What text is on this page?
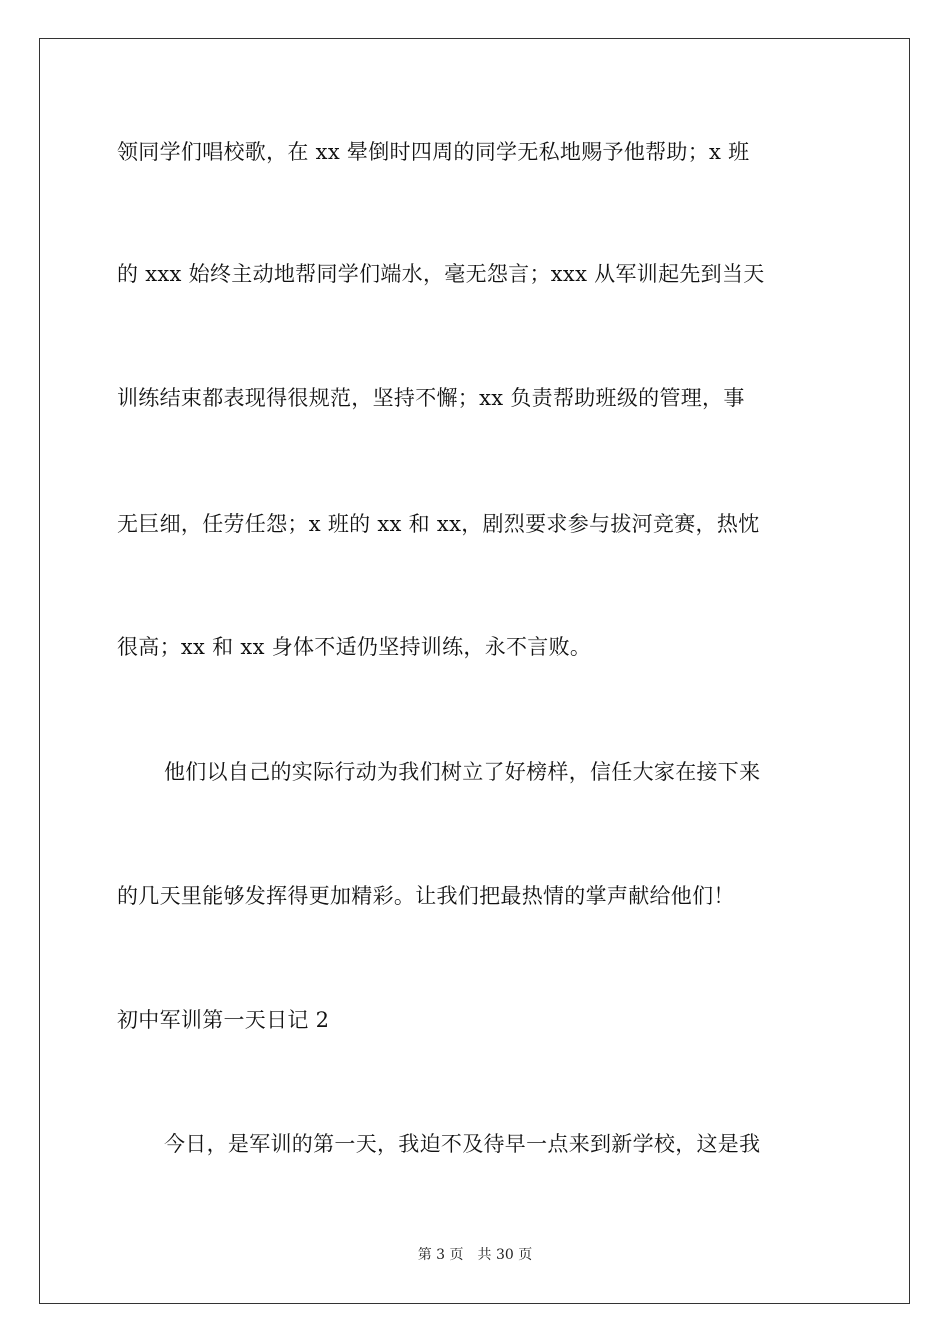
领同学们唱校歌，在 xx 晕倒时四周的同学无私地赐予他帮助；x 班
的 xxx 始终主动地帮同学们端水，毫无怨言；xxx 从军训起先到当天
训练结束都表现得很规范，坚持不懈；xx 负责帮助班级的管理，事
无巨细，任劳任怨；x 班的 xx 和 xx，剧烈要求参与拔河竞赛，热忱
很高；xx 和 xx 身体不适仍坚持训练，永不言败。
他们以自己的实际行动为我们树立了好榜样，信任大家在接下来
的几天里能够发挥得更加精彩。让我们把最热情的掌声献给他们！
初中军训第一天日记 2
今日，是军训的第一天，我迫不及待早一点来到新学校，这是我
第 3 页 共 30 页
